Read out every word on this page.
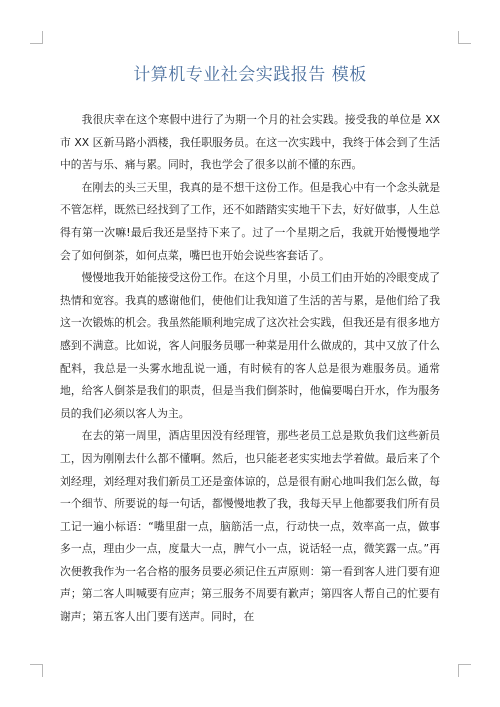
计算机专业社会实践报告 模板

我很庆幸在这个寒假中进行了为期一个月的社会实践。接受我的单位是 XX 市 XX 区新马路小酒楼，我任职服务员。在这一次实践中，我终于体会到了生活中的苦与乐、痛与累。同时，我也学会了很多以前不懂的东西。

在刚去的头三天里，我真的是不想干这份工作。但是我心中有一个念头就是不管怎样，既然已经找到了工作，还不如踏踏实实地干下去，好好做事，人生总得有第一次嘛!最后我还是坚持下来了。过了一个星期之后，我就开始慢慢地学会了如何倒茶，如何点菜，嘴巴也开始会说些客套话了。

慢慢地我开始能接受这份工作。在这个月里，小员工们由开始的冷眼变成了热情和宽容。我真的感谢他们，使他们让我知道了生活的苦与累，是他们给了我这一次锻炼的机会。我虽然能顺利地完成了这次社会实践，但我还是有很多地方感到不满意。比如说，客人问服务员哪一种菜是用什么做成的，其中又放了什么配料，我总是一头雾水地乱说一通，有时候有的客人总是很为难服务员。通常地，给客人倒茶是我们的职责，但是当我们倒茶时，他偏要喝白开水，作为服务员的我们必须以客人为主。

在去的第一周里，酒店里因没有经理管，那些老员工总是欺负我们这些新员工，因为刚刚去什么都不懂啊。然后，也只能老老实实地去学着做。最后来了个刘经理，刘经理对我们新员工还是蛮体谅的，总是很有耐心地叫我们怎么做，每一个细节、所要说的每一句话，都慢慢地教了我，我每天早上他都要我们所有员工记一遍小标语：“嘴里甜一点，脑筋活一点，行动快一点，效率高一点，做事多一点，理由少一点，度量大一点，脾气小一点，说话轻一点，微笑露一点。”再次便教我作为一名合格的服务员要必须记住五声原则：第一看到客人进门要有迎声；第二客人叫喊要有应声；第三服务不周要有歉声；第四客人帮自己的忙要有谢声；第五客人出门要有送声。同时，在
